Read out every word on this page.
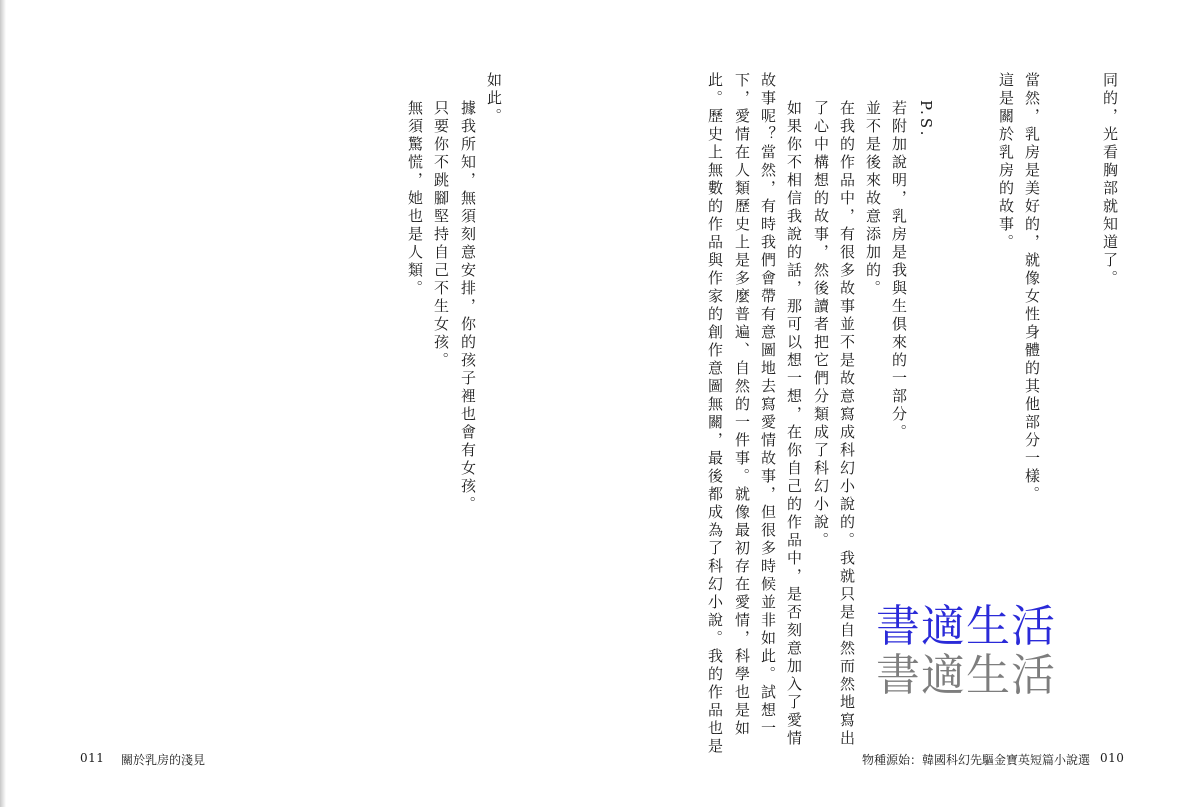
同的，光看胸部就知道了。
當然，乳房是美好的，就像女性身體的其他部分一樣。
這是關於乳房的故事。
P.S.
若附加說明，乳房是我與生俱來的一部分。
並不是後來故意添加的。
在我的作品中，有很多故事並不是故意寫成科幻小說的。我就只是自然而然地寫出
了心中構想的故事，然後讀者把它們分類成了科幻小說。
如果你不相信我說的話，那可以想一想，在你自己的作品中，是否刻意加入了愛情
故事呢？當然，有時我們會帶有意圖地去寫愛情故事，但很多時候並非如此。試想一
下，愛情在人類歷史上是多麼普遍、自然的一件事。就像最初存在愛情，科學也是如
此。歷史上無數的作品與作家的創作意圖無關，最後都成為了科幻小說。我的作品也是
如此。
據我所知，無須刻意安排，你的孩子裡也會有女孩。
只要你不跳腳堅持自己不生女孩。
無須驚慌，她也是人類。
書適生活
書適生活
011 關於乳房的淺見	物種源始：韓國科幻先驅金寶英短篇小說選 010
